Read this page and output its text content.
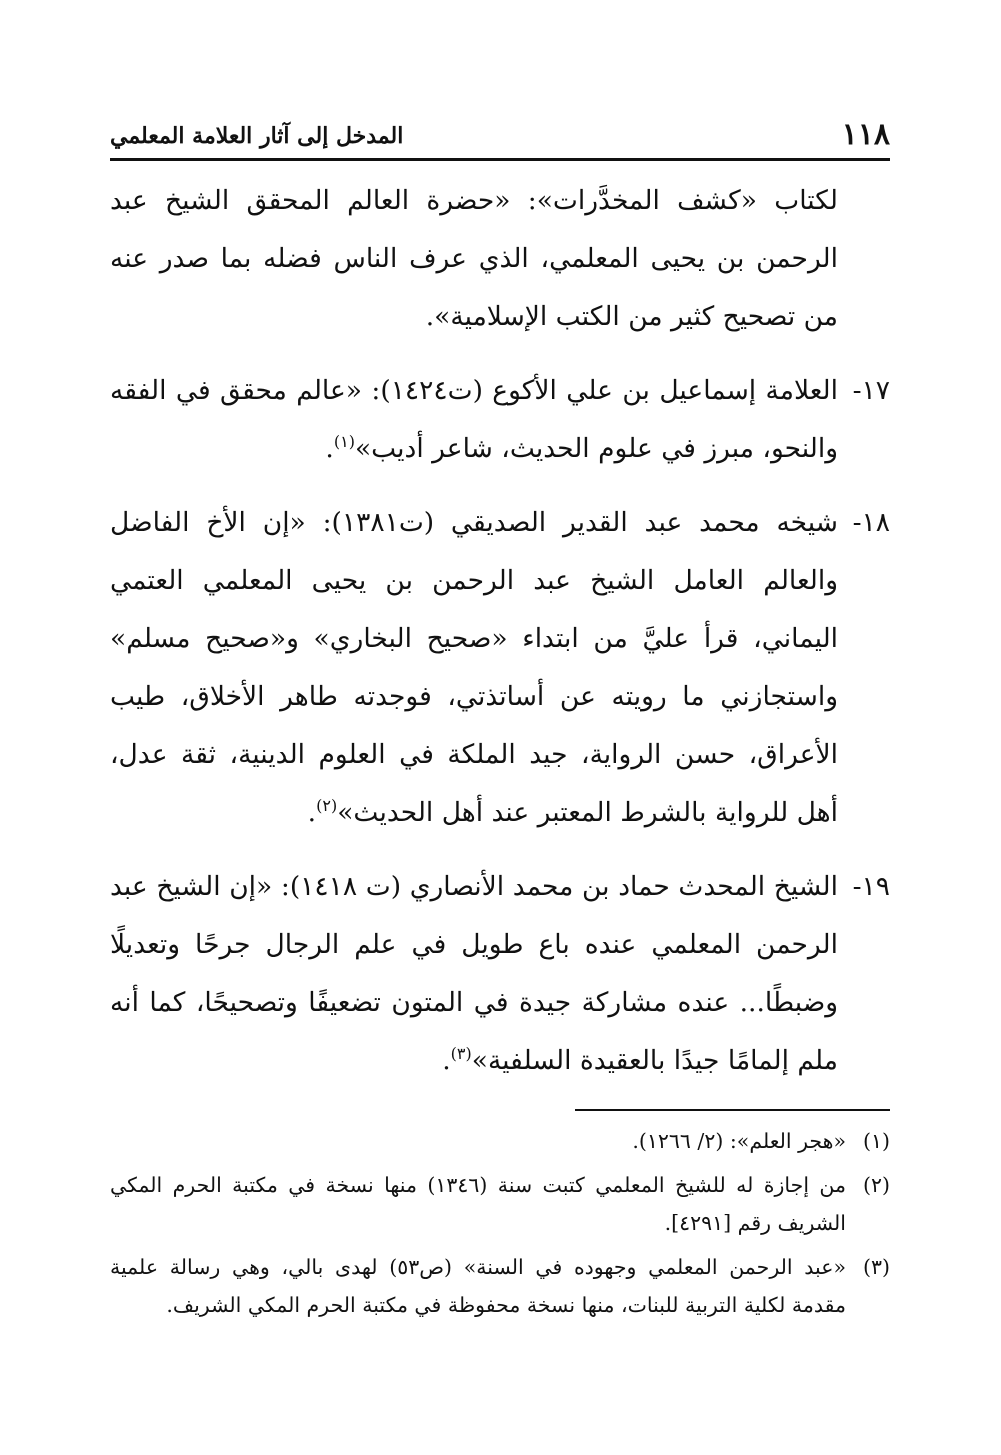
١١٨
المدخل إلى آثار العلامة المعلمي

لكتاب «كشف المخدَّرات»: «حضرة العالم المحقق الشيخ عبد الرحمن بن يحيى المعلمي، الذي عرف الناس فضله بما صدر عنه من تصحيح كثير من الكتب الإسلامية».

١٧-
العلامة إسماعيل بن علي الأكوع (ت١٤٢٤): «عالم محقق في الفقه والنحو، مبرز في علوم الحديث، شاعر أديب»$^{(١)}$.
١٨-
شيخه محمد عبد القدير الصديقي (ت١٣٨١): «إن الأخ الفاضل والعالم العامل الشيخ عبد الرحمن بن يحيى المعلمي العتمي اليماني، قرأ عليَّ من ابتداء «صحيح البخاري» و«صحيح مسلم» واستجازني ما رويته عن أساتذتي، فوجدته طاهر الأخلاق، طيب الأعراق، حسن الرواية، جيد الملكة في العلوم الدينية، ثقة عدل، أهل للرواية بالشرط المعتبر عند أهل الحديث»$^{(٢)}$.
١٩-
الشيخ المحدث حماد بن محمد الأنصاري (ت ١٤١٨): «إن الشيخ عبد الرحمن المعلمي عنده باع طويل في علم الرجال جرحًا وتعديلًا وضبطًا... عنده مشاركة جيدة في المتون تضعيفًا وتصحيحًا، كما أنه ملم إلمامًا جيدًا بالعقيدة السلفية»$^{(٣)}$.
(١)
«هجر العلم»: (٢/ ١٢٦٦).
(٢)
من إجازة له للشيخ المعلمي كتبت سنة (١٣٤٦) منها نسخة في مكتبة الحرم المكي الشريف رقم [٤٢٩١].
(٣)
«عبد الرحمن المعلمي وجهوده في السنة» (ص٥٣) لهدى بالي، وهي رسالة علمية مقدمة لكلية التربية للبنات، منها نسخة محفوظة في مكتبة الحرم المكي الشريف.
